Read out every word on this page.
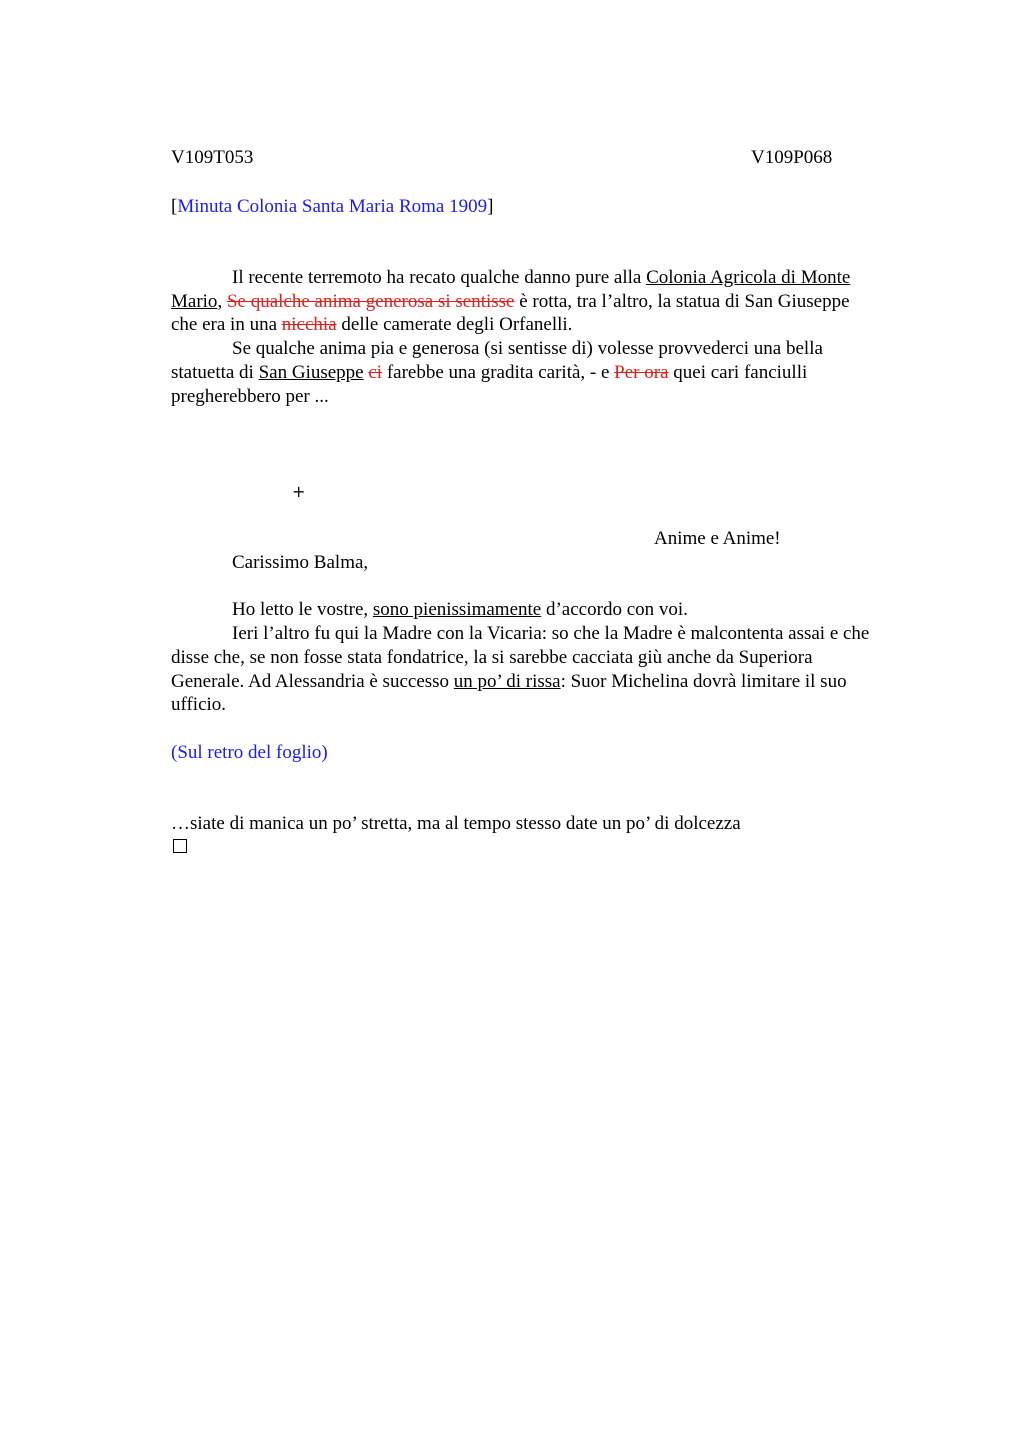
V109T053	V109P068
[Minuta Colonia Santa Maria Roma 1909]
Il recente terremoto ha recato qualche danno pure alla Colonia Agricola di Monte
Mario, Se qualche anima generosa si sentisse è rotta, tra l’altro, la statua di San Giuseppe
che era in una nicchia delle camerate degli Orfanelli.
Se qualche anima pia e generosa (si sentisse di) volesse provvederci una bella
statuetta di San Giuseppe ci farebbe una gradita carità, - e Per ora quei cari fanciulli
pregherebbero per ...
+
Anime e Anime!
Carissimo Balma,
Ho letto le vostre, sono pienissimamente d’accordo con voi.
Ieri l’altro fu qui la Madre con la Vicaria: so che la Madre è malcontenta assai e che
disse che, se non fosse stata fondatrice, la si sarebbe cacciata giù anche da Superiora
Generale. Ad Alessandria è successo un po’ di rissa: Suor Michelina dovrà limitare il suo
ufficio.
(Sul retro del foglio)
…siate di manica un po’ stretta, ma al tempo stesso date un po’ di dolcezza
